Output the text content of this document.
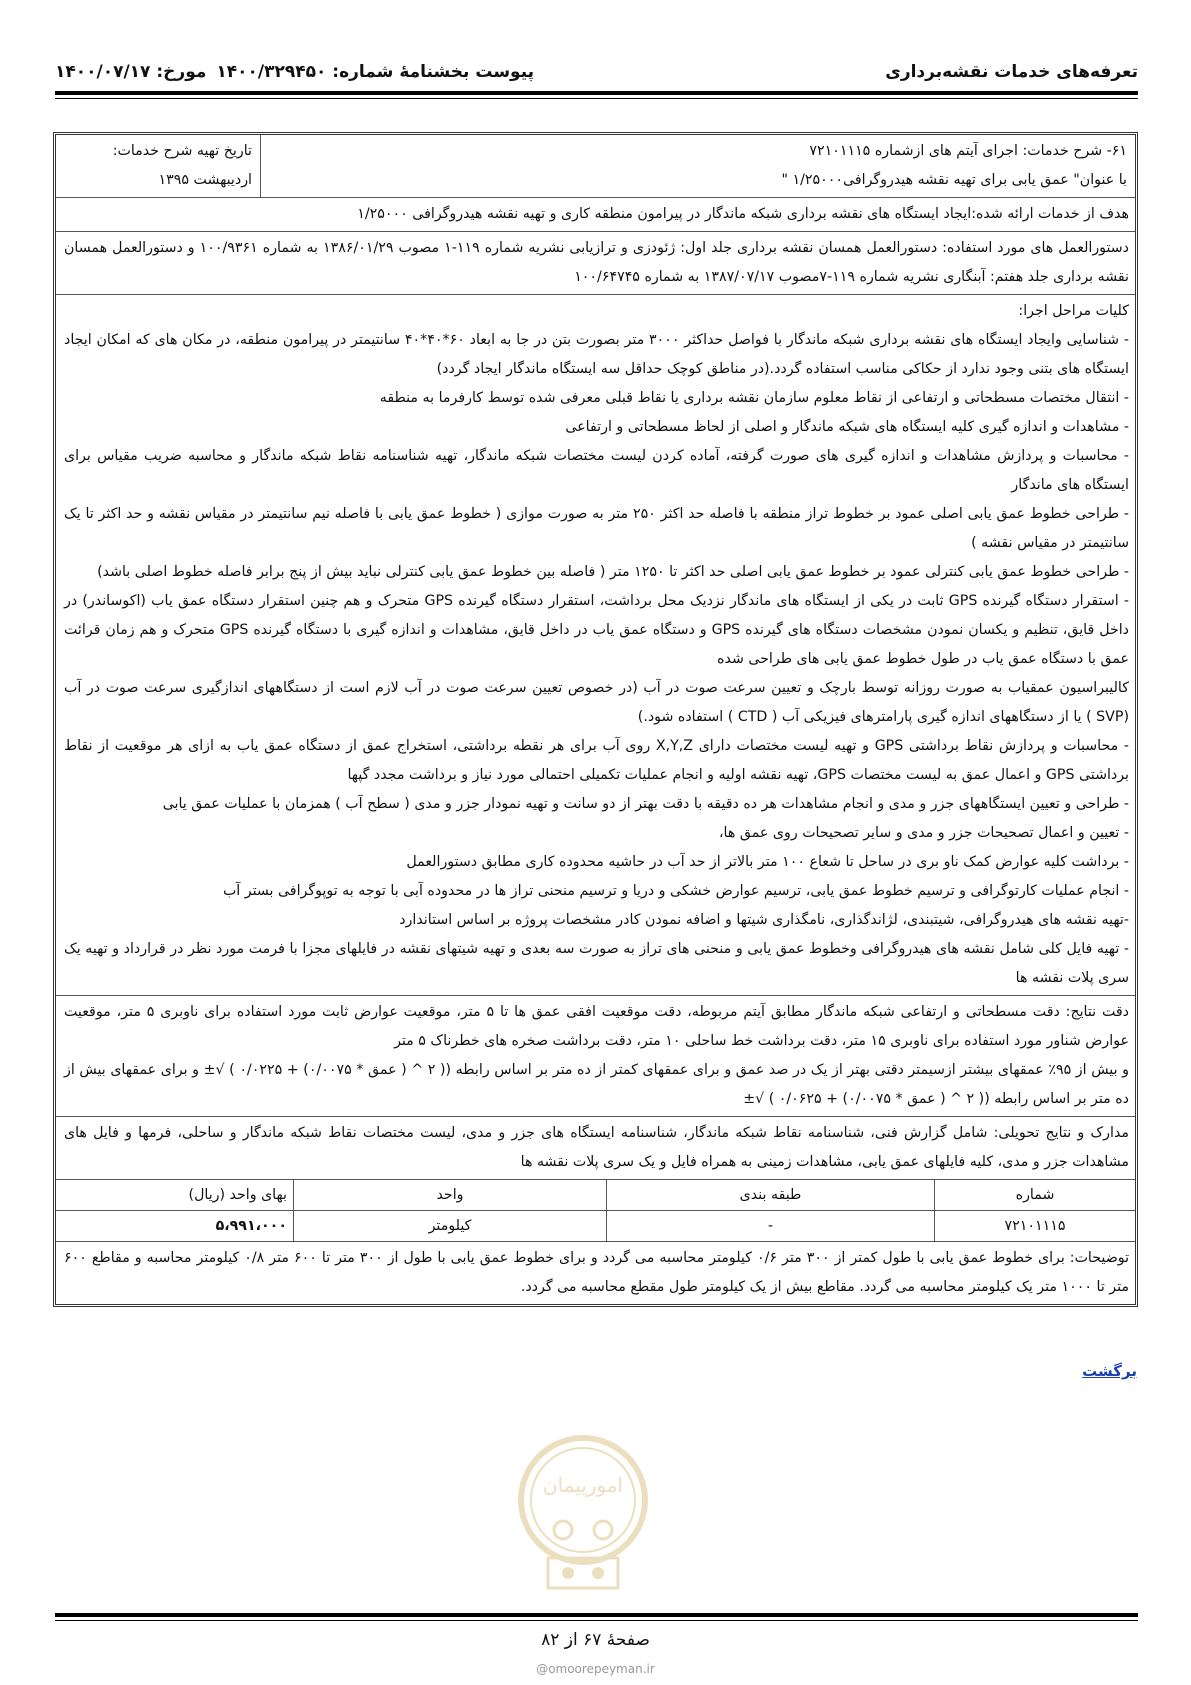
تعرفه‌های خدمات نقشه‌برداری
پیوست بخشنامۀ شماره: ۱۴۰۰/۳۲۹۴۵۰
مورخ: ۱۴۰۰/۰۷/۱۷

۶۱- شرح خدمات: اجرای آیتم های ازشماره ۷۲۱۰۱۱۱۵

با عنوان" عمق یابی برای تهیه نقشه هیدروگرافی۱/۲۵۰۰۰ "

تاریخ تهیه شرح خدمات:

اردیبهشت ۱۳۹۵

هدف از خدمات ارائه شده:ایجاد ایستگاه های نقشه برداری شبکه ماندگار در پیرامون منطقه کاری و تهیه نقشه هیدروگرافی ۱/۲۵۰۰۰

دستورالعمل های مورد استفاده: دستورالعمل همسان نقشه برداری جلد اول: ژئودزی و ترازیابی نشریه شماره ۱۱۹-۱ مصوب ۱۳۸۶/۰۱/۲۹ به شماره ۱۰۰/۹۳۶۱ و دستورالعمل همسان نقشه برداری جلد هفتم: آبنگاری نشریه شماره ۱۱۹-۷مصوب ۱۳۸۷/۰۷/۱۷ به شماره ۱۰۰/۶۴۷۴۵

کلیات مراحل اجرا:

- شناسایی وایجاد ایستگاه های نقشه برداری شبکه ماندگار با فواصل حداکثر ۳۰۰۰ متر بصورت بتن در جا به ابعاد ۶۰*۴۰*۴۰ سانتیمتر در پیرامون منطقه، در مکان های که امکان ایجاد ایستگاه های بتنی وجود ندارد از حکاکی مناسب استفاده گردد.(در مناطق کوچک حداقل سه ایستگاه ماندگار ایجاد گردد)

- انتقال مختصات مسطحاتی و ارتفاعی از نقاط معلوم سازمان نقشه برداری یا نقاط قبلی معرفی شده توسط کارفرما به منطقه

- مشاهدات و اندازه گیری کلیه ایستگاه های شبکه ماندگار و اصلی از لحاظ مسطحاتی و ارتفاعی

- محاسبات و پردازش مشاهدات و اندازه گیری های صورت گرفته، آماده کردن لیست مختصات شبکه ماندگار، تهیه شناسنامه نقاط شبکه ماندگار و محاسبه ضریب مقیاس برای ایستگاه های ماندگار

- طراحی خطوط عمق یابی اصلی عمود بر خطوط تراز منطقه با فاصله حد اکثر ۲۵۰ متر به صورت موازی ( خطوط عمق یابی با فاصله نیم سانتیمتر در مقیاس نقشه و حد اکثر تا یک سانتیمتر در مقیاس نقشه )

- طراحی خطوط عمق یابی کنترلی عمود بر خطوط عمق یابی اصلی حد اکثر تا ۱۲۵۰ متر ( فاصله بین خطوط عمق یابی کنترلی نباید بیش از پنج برابر فاصله خطوط اصلی باشد)

- استقرار دستگاه گیرنده GPS ثابت در یکی از ایستگاه های ماندگار نزدیک محل برداشت، استقرار دستگاه گیرنده GPS متحرک و هم چنین استقرار دستگاه عمق یاب (اکوساندر) در داخل قایق، تنظیم و یکسان نمودن مشخصات دستگاه های گیرنده GPS و دستگاه عمق یاب در داخل قایق، مشاهدات و اندازه گیری با دستگاه گیرنده GPS متحرک و هم زمان قرائت عمق با دستگاه عمق یاب در طول خطوط عمق یابی های طراحی شده

کالیبراسیون عمقیاب به صورت روزانه توسط بارچک و تعیین سرعت صوت در آب (در خصوص تعیین سرعت صوت در آب لازم است از دستگاههای اندازگیری سرعت صوت در آب (SVP ) یا از دستگاههای اندازه گیری پارامترهای فیزیکی آب ( CTD ) استفاده شود.)

- محاسبات و پردازش نقاط برداشتی GPS و تهیه لیست مختصات دارای X,Y,Z روی آب برای هر نقطه برداشتی، استخراج عمق از دستگاه عمق یاب به ازای هر موقعیت از نقاط برداشتی GPS و اعمال عمق به لیست مختصات GPS، تهیه نقشه اولیه و انجام عملیات تکمیلی احتمالی مورد نیاز و برداشت مجدد گپها

- طراحی و تعیین ایستگاههای جزر و مدی و انجام مشاهدات هر ده دقیقه با دقت بهتر از دو سانت و تهیه نمودار جزر و مدی ( سطح آب ) همزمان با عملیات عمق یابی

- تعیین و اعمال تصحیحات جزر و مدی و سایر تصحیحات روی عمق ها،

- برداشت کلیه عوارض کمک ناو بری در ساحل تا شعاع ۱۰۰ متر بالاتر از حد آب در حاشیه محدوده کاری مطابق دستورالعمل

- انجام عملیات کارتوگرافی و ترسیم خطوط عمق یابی، ترسیم عوارض خشکی و دریا و ترسیم منحنی تراز ها در محدوده آبی با توجه به توپوگرافی بستر آب

-تهیه نقشه های هیدروگرافی، شیتبندی، لژاندگذاری، نامگذاری شیتها و اضافه نمودن کادر مشخصات پروژه بر اساس استاندارد

- تهیه فایل کلی شامل نقشه های هیدروگرافی وخطوط عمق یابی و منحنی های تراز به صورت سه بعدی و تهیه شیتهای نقشه در فایلهای مجزا با فرمت مورد نظر در قرارداد و تهیه یک سری پلات نقشه ها

دقت نتایج: دقت مسطحاتی و ارتفاعی شبکه ماندگار مطابق آیتم مربوطه، دقت موقعیت افقی عمق ها تا ۵ متر، موقعیت عوارض ثابت مورد استفاده برای ناوبری ۵ متر، موقعیت عوارض شناور مورد استفاده برای ناوبری ۱۵ متر، دقت برداشت خط ساحلی ۱۰ متر، دقت برداشت صخره های خطرناک ۵ متر

و بیش از ۹۵٪ عمقهای بیشتر ازسیمتر دقتی بهتر از یک در صد عمق و برای عمقهای کمتر از ده متر بر اساس رابطه (( ۲ ^ ( عمق * ۰/۰۰۷۵) + ۰/۰۲۲۵ ) √± و برای عمقهای بیش از ده متر بر اساس رابطه (( ۲ ^ ( عمق * ۰/۰۰۷۵) + ۰/۰۶۲۵ ) √±

مدارک و نتایج تحویلی: شامل گزارش فنی، شناسنامه نقاط شبکه ماندگار، شناسنامه ایستگاه های جزر و مدی، لیست مختصات نقاط شبکه ماندگار و ساحلی، فرمها و فایل های مشاهدات جزر و مدی، کلیه فایلهای عمق یابی، مشاهدات زمینی به همراه فایل و یک سری پلات نقشه ها

شماره
طبقه بندی
واحد
بهای واحد (ریال)
۷۲۱۰۱۱۱۵
-
کیلومتر
۵،۹۹۱،۰۰۰

توضیحات: برای خطوط عمق یابی با طول کمتر از ۳۰۰ متر ۰/۶ کیلومتر محاسبه می گردد و برای خطوط عمق یابی با طول از ۳۰۰ متر تا ۶۰۰ متر ۰/۸ کیلومتر محاسبه و مقاطع ۶۰۰ متر تا ۱۰۰۰ متر یک کیلومتر محاسبه می گردد. مقاطع بیش از یک کیلومتر طول مقطع محاسبه می گردد.

برگشت
امورپیمان
صفحۀ ۶۷ از ۸۲
@omoorepeyman.ir
